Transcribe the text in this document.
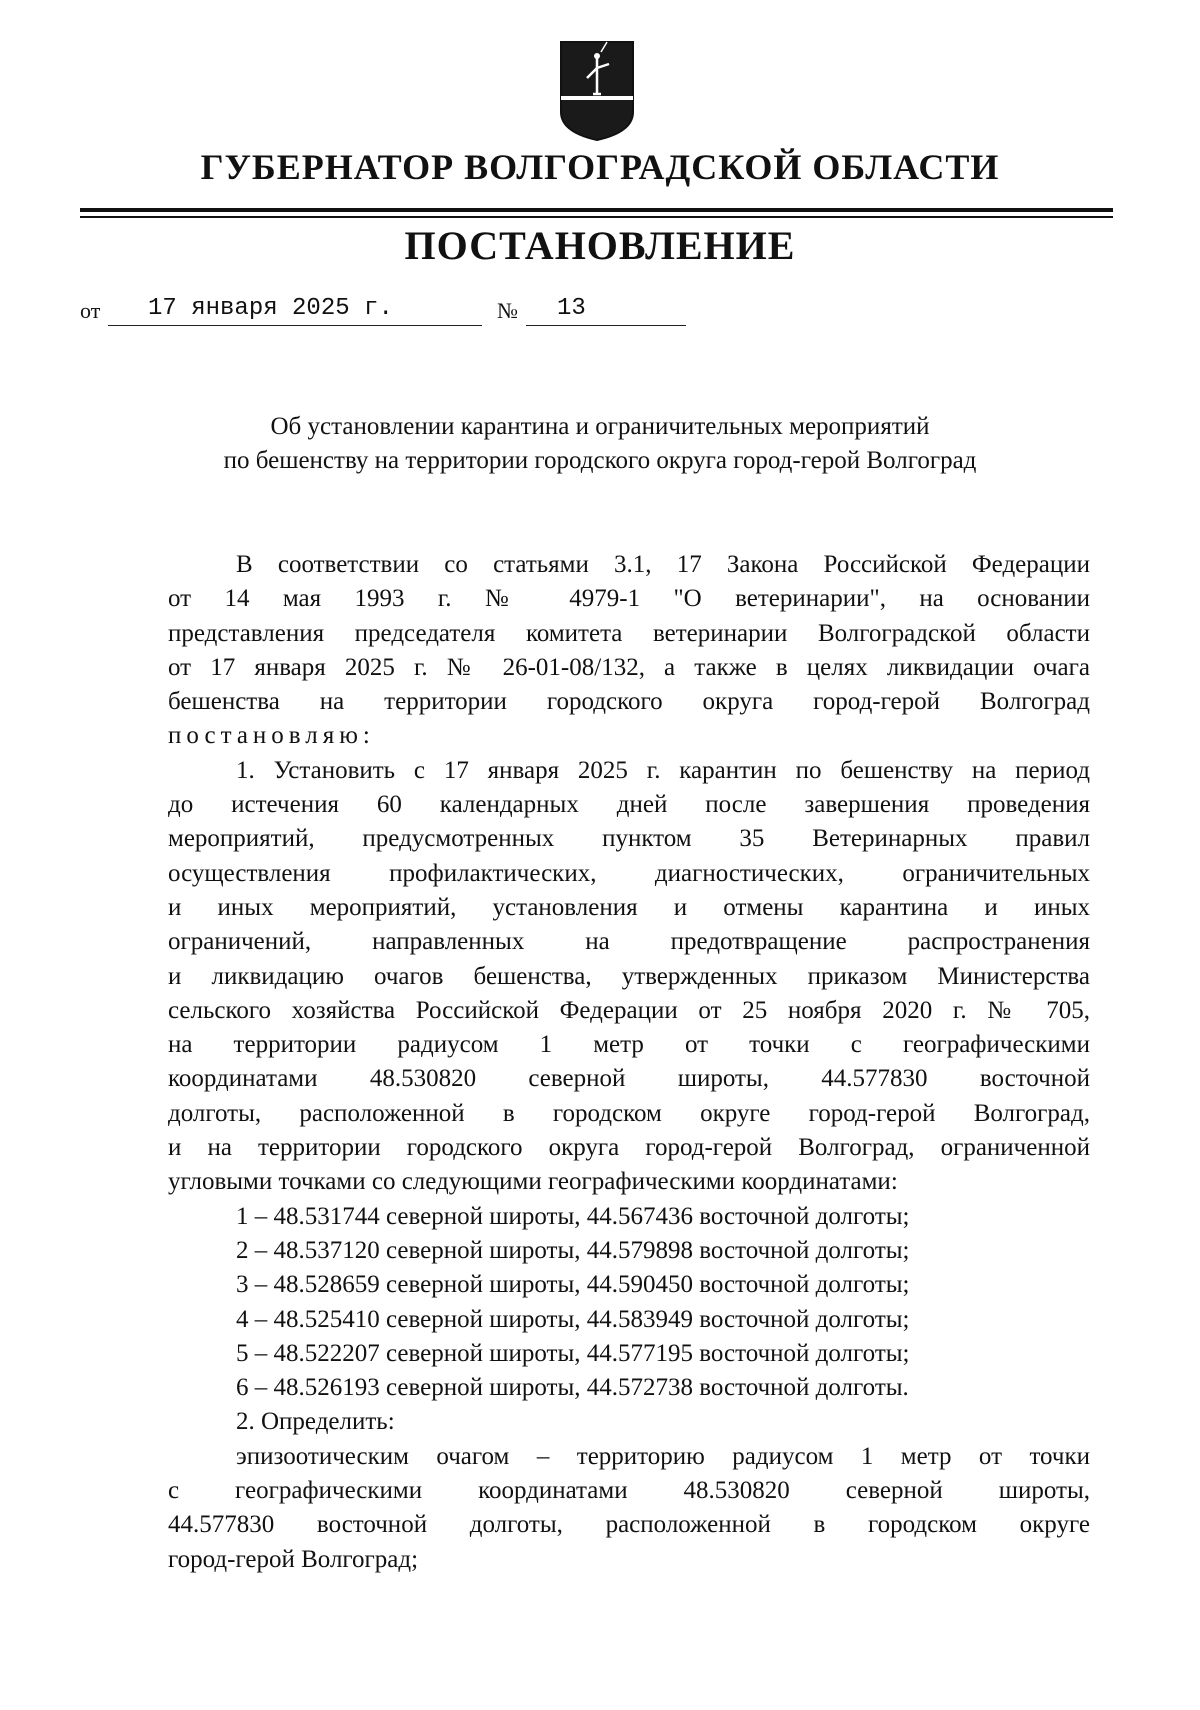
ГУБЕРНАТОР ВОЛГОГРАДСКОЙ ОБЛАСТИ
ПОСТАНОВЛЕНИЕ
от 17 января 2025 г.	№ 13
Об установлении карантина и ограничительных мероприятий
по бешенству на территории городского округа город-герой Волгоград
В соответствии со статьями 3.1, 17 Закона Российской Федерации
от 14 мая 1993 г. № 4979-1 "О ветеринарии", на основании
представления председателя комитета ветеринарии Волгоградской области
от 17 января 2025 г. № 26-01-08/132, а также в целях ликвидации очага
бешенства на территории городского округа город-герой Волгоград
постановляю:
1. Установить с 17 января 2025 г. карантин по бешенству на период
до истечения 60 календарных дней после завершения проведения
мероприятий, предусмотренных пунктом 35 Ветеринарных правил
осуществления профилактических, диагностических, ограничительных
и иных мероприятий, установления и отмены карантина и иных
ограничений, направленных на предотвращение распространения
и ликвидацию очагов бешенства, утвержденных приказом Министерства
сельского хозяйства Российской Федерации от 25 ноября 2020 г. № 705,
на территории радиусом 1 метр от точки с географическими
координатами 48.530820 северной широты, 44.577830 восточной
долготы, расположенной в городском округе город-герой Волгоград,
и на территории городского округа город-герой Волгоград, ограниченной
угловыми точками со следующими географическими координатами:
1 – 48.531744 северной широты, 44.567436 восточной долготы;
2 – 48.537120 северной широты, 44.579898 восточной долготы;
3 – 48.528659 северной широты, 44.590450 восточной долготы;
4 – 48.525410 северной широты, 44.583949 восточной долготы;
5 – 48.522207 северной широты, 44.577195 восточной долготы;
6 – 48.526193 северной широты, 44.572738 восточной долготы.
2. Определить:
эпизоотическим очагом – территорию радиусом 1 метр от точки
с географическими координатами 48.530820 северной широты,
44.577830 восточной долготы, расположенной в городском округе
город-герой Волгоград;
